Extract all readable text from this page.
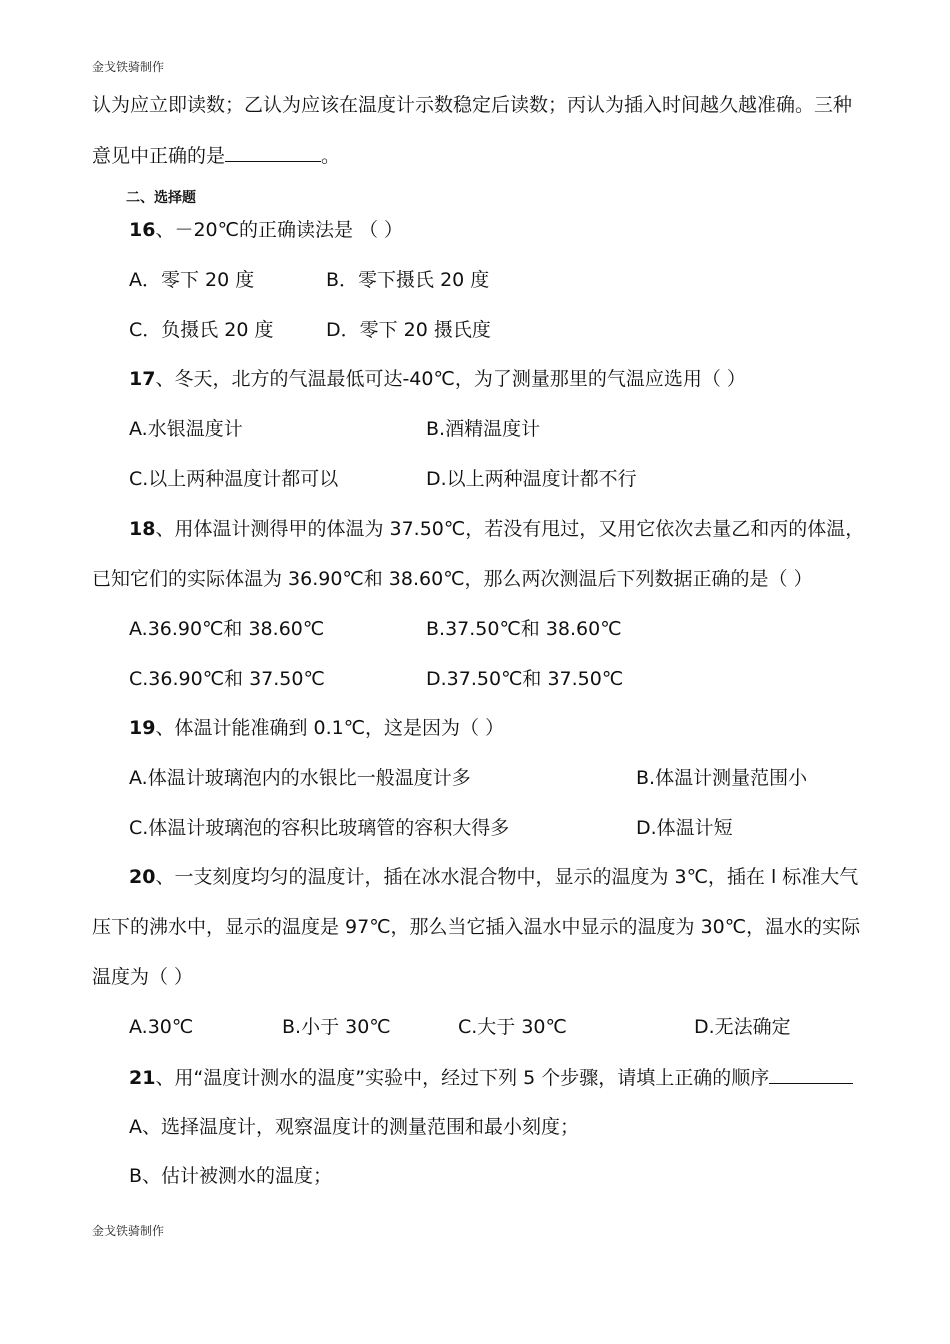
金戈铁骑制作
认为应立即读数；乙认为应该在温度计示数稳定后读数；丙认为插入时间越久越准确。三种
意见中正确的是	。
二、选择题
16、－20℃的正确读法是 （ ）
A．零下 20 度	B．零下摄氏 20 度
C．负摄氏 20 度	D．零下 20 摄氏度
17、冬天，北方的气温最低可达-40℃，为了测量那里的气温应选用（ ）
A.水银温度计	B.酒精温度计
C.以上两种温度计都可以	D.以上两种温度计都不行
18、用体温计测得甲的体温为 37.50℃，若没有甩过，又用它依次去量乙和丙的体温，
已知它们的实际体温为 36.90℃和 38.60℃，那么两次测温后下列数据正确的是（ ）
A.36.90℃和 38.60℃	B.37.50℃和 38.60℃
C.36.90℃和 37.50℃	D.37.50℃和 37.50℃
19、体温计能准确到 0.1℃，这是因为（ ）
A.体温计玻璃泡内的水银比一般温度计多	B.体温计测量范围小
C.体温计玻璃泡的容积比玻璃管的容积大得多	D.体温计短
20、一支刻度均匀的温度计，插在冰水混合物中，显示的温度为 3℃，插在 l 标准大气
压下的沸水中，显示的温度是 97℃，那么当它插入温水中显示的温度为 30℃，温水的实际
温度为（ ）
A.30℃	B.小于 30℃	C.大于 30℃	D.无法确定
21、用“温度计测水的温度”实验中，经过下列 5 个步骤，请填上正确的顺序
A、选择温度计，观察温度计的测量范围和最小刻度；
B、估计被测水的温度；
金戈铁骑制作
